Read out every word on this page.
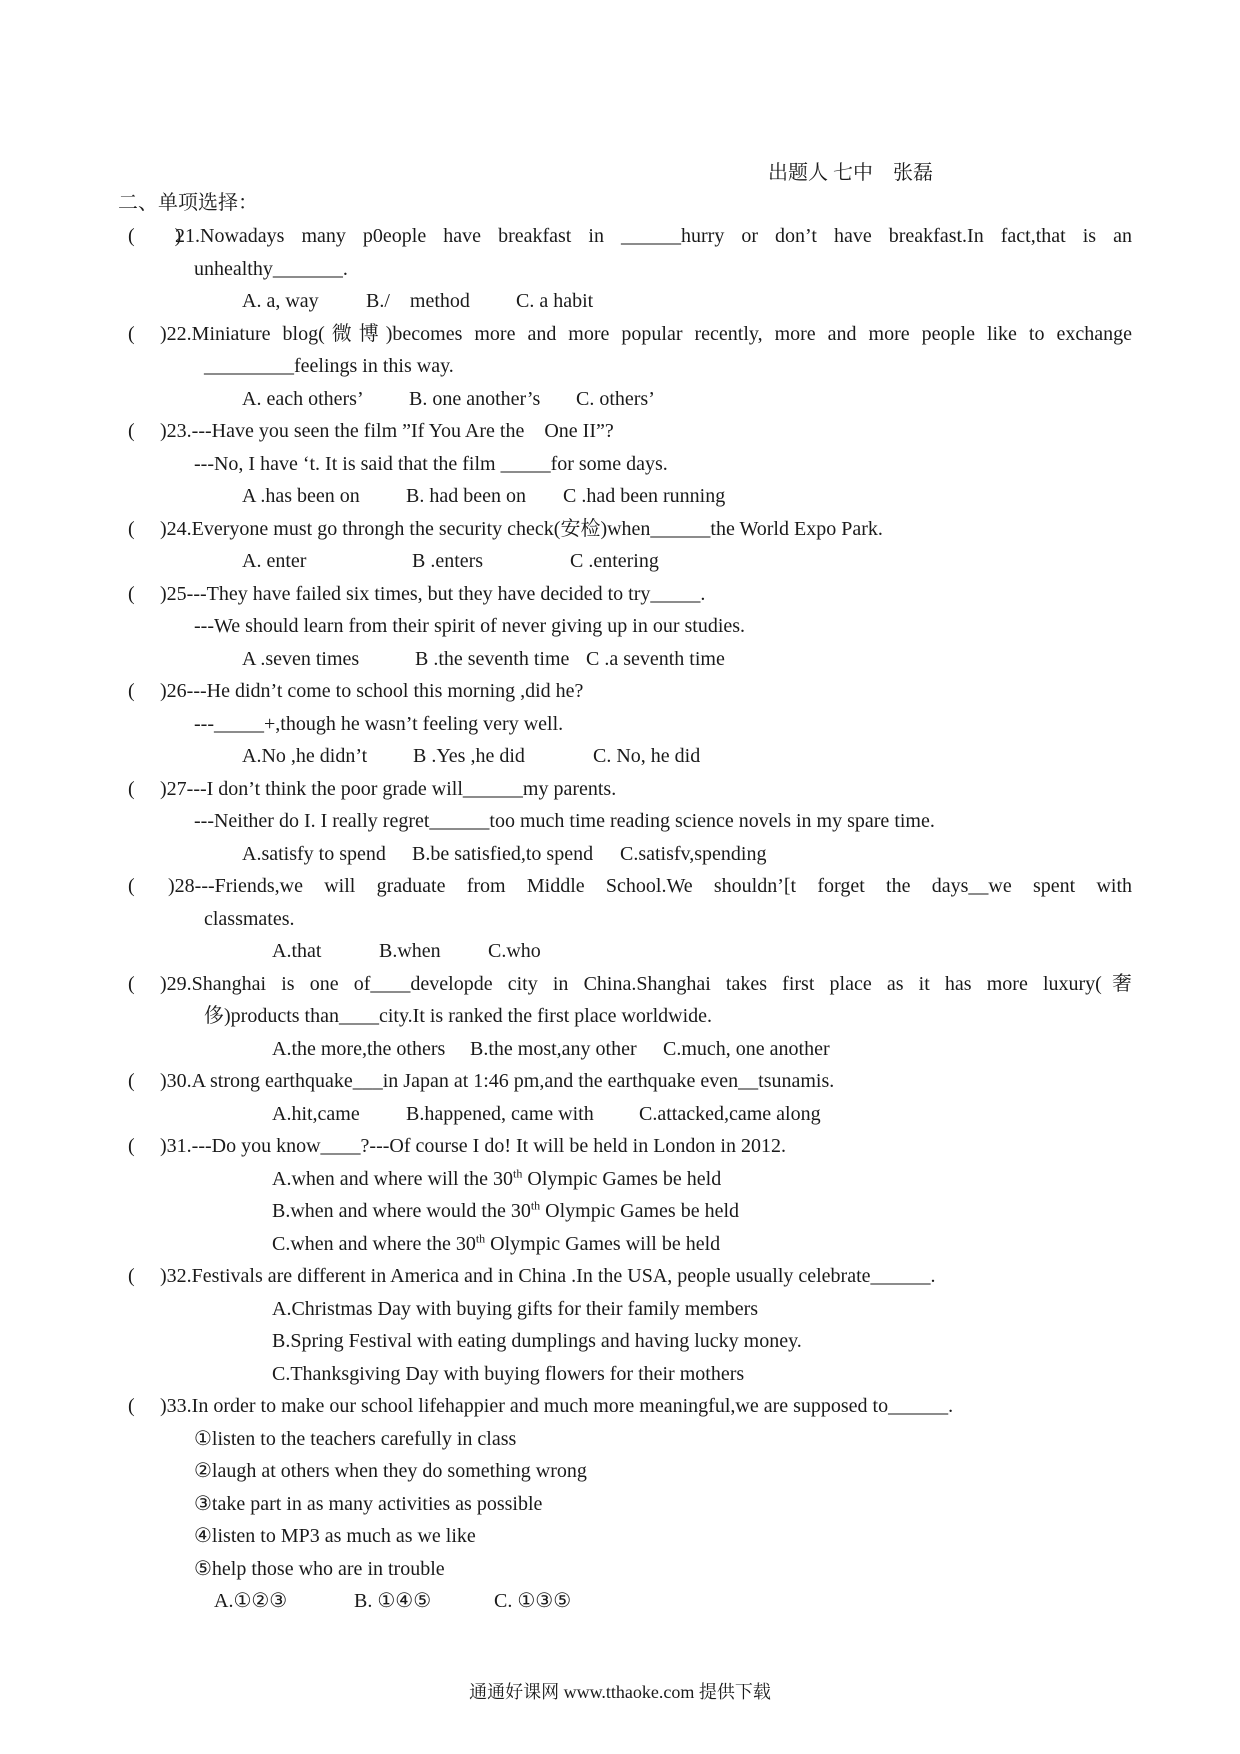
出题人 七中　张磊
二、单项选择：
(　　)
21.Nowadays many p0eople have breakfast in ______hurry or don’t have breakfast.In fact,that is an
unhealthy_______.
A. a, way B./　method C. a habit
( )22.Miniature blog(微博)becomes more and more popular recently, more and more people like to exchange
_________feelings in this way.
A. each others’ B. one another’s C. others’
( )23.---Have you seen the film ”If You Are the　One II”?
---No, I have ‘t. It is said that the film _____for some days.
A .has been on B. had been on C .had been running
( )24.Everyone must go throngh the security check(安检)when______the World Expo Park.
A. enter	B .enters	C .entering
( )25---They have failed six times, but they have decided to try_____.
---We should learn from their spirit of never giving up in our studies.
A .seven times	B .the seventh time C .a seventh time
( )26---He didn’t come to school this morning ,did he?
---_____+,though he wasn’t feeling very well.
A.No ,he didn’t B .Yes ,he did	C. No, he did
( )27---I don’t think the poor grade will______my parents.
---Neither do I. I really regret______too much time reading science novels in my spare time.
A.satisfy to spend B.be satisfied,to spend C.satisfv,spending
( )28---Friends,we will graduate from Middle School.We shouldn’[t forget the days__we spent with
classmates.
A.that	B.when C.who
( )29.Shanghai is one of____developde city in China.Shanghai takes first place as it has more luxury(奢
侈)products than____city.It is ranked the first place worldwide.
A.the more,the others B.the most,any other C.much, one another
( )30.A strong earthquake___in Japan at 1:46 pm,and the earthquake even__tsunamis.
A.hit,came B.happened, came with C.attacked,came along
( )31.---Do you know____?---Of course I do! It will be held in London in 2012.
A.when and where will the 30th Olympic Games be held
B.when and where would the 30th Olympic Games be held
C.when and where the 30th Olympic Games will be held
( )32.Festivals are different in America and in China .In the USA, people usually celebrate______.
A.Christmas Day with buying gifts for their family members
B.Spring Festival with eating dumplings and having lucky money.
C.Thanksgiving Day with buying flowers for their mothers
( )33.In order to make our school lifehappier and much more meaningful,we are supposed to______.
①listen to the teachers carefully in class
②laugh at others when they do something wrong
③take part in as many activities as possible
④listen to MP3 as much as we like
⑤help those who are in trouble
A.①②③	B. ①④⑤	C. ①③⑤
通通好课网 www.tthaoke.com 提供下载
